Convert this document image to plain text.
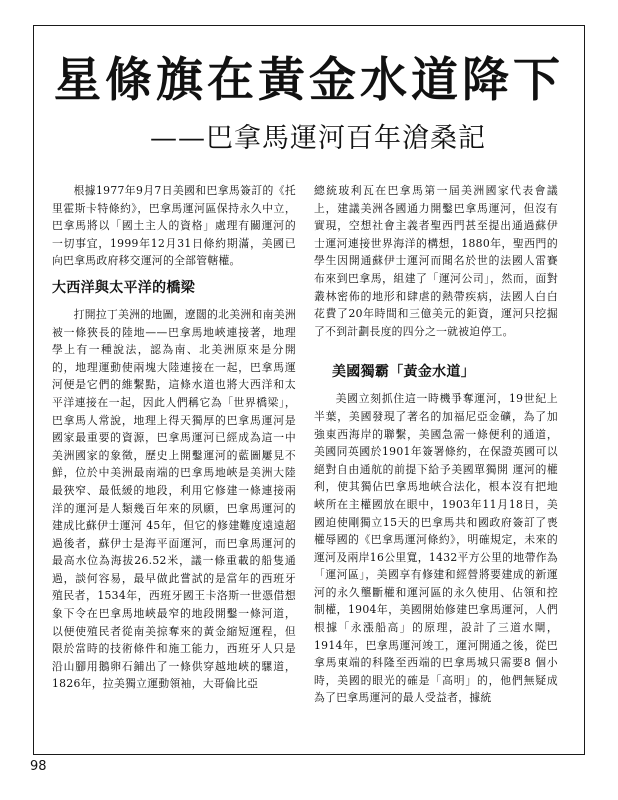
星條旗在黃金水道降下
——巴拿馬運河百年滄桑記

根據1977年9月7日美國和巴拿馬簽訂的《托里霍斯卡特條約》，巴拿馬運河區保持永久中立，巴拿馬將以「國土主人的資格」處理有關運河的一切事宜，1999年12月31日條約期滿，美國已向巴拿馬政府移交運河的全部管轄權。

大西洋與太平洋的橋梁

打開拉丁美洲的地圖，遼闊的北美洲和南美洲被一條狹長的陸地——巴拿馬地峽連接著，地理學上有一種說法，認為南、北美洲原來是分開的，地理運動使兩塊大陸連接在一起，巴拿馬運河便是它們的維繫點，這條水道也將大西洋和太平洋連接在一起，因此人們稱它為「世界橋梁」，巴拿馬人常說，地理上得天獨厚的巴拿馬運河是國家最重要的資源，巴拿馬運河已經成為這一中美洲國家的象徵，歷史上開鑿運河的藍圖屢見不鮮，位於中美洲最南端的巴拿馬地峽是美洲大陸最狹窄、最低緩的地段，利用它修建一條連接兩洋的運河是人類幾百年來的夙願，巴拿馬運河的建成比蘇伊士運河 45年，但它的修建難度遠遠超過後者，蘇伊士是海平面運河，而巴拿馬運河的最高水位為海拔26.52米，議一條重載的船隻通過，談何容易，最早做此嘗試的是當年的西班牙殖民者，1534年，西班牙國王卡洛斯一世憑借想象下令在巴拿馬地峽最窄的地段開鑿一條河道，以便使殖民者從南美掠奪來的黃金縮短運程，但限於當時的技術條件和施工能力，西班牙人只是沿山腳用鵝卵石鋪出了一條供穿越地峽的騾道，1826年，拉美獨立運動領袖，大哥倫比亞

總統玻利瓦在巴拿馬第一屆美洲國家代表會議上，建議美洲各國通力開鑿巴拿馬運河，但沒有實現，空想社會主義者聖西門甚至提出通過蘇伊士運河連接世界海洋的構想，1880年，聖西門的學生因開通蘇伊士運河而聞名於世的法國人雷賽布來到巴拿馬，組建了「運河公司」，然而，面對叢林密佈的地形和肆虐的熱帶疾病，法國人白白花費了20年時間和三億美元的鉅資，運河只挖掘了不到計劃長度的四分之一就被迫停工。

美國獨霸「黃金水道」

美國立刻抓住這一時機爭奪運河，19世紀上半葉，美國發現了著名的加福尼亞金礦，為了加強東西海岸的聯繫，美國急需一條便利的通道，美國同英國於1901年簽署條約，在保證英國可以絕對自由通航的前提下給予美國單獨開 運河的權利，使其獨佔巴拿馬地峽合法化，根本沒有把地峽所在主權國放在眼中，1903年11月18日，美國迫使剛獨立15天的巴拿馬共和國政府簽訂了喪權辱國的《巴拿馬運河條約》，明確規定，未來的運河及兩岸16公里寬，1432平方公里的地帶作為「運河區」，美國享有修建和經營將要建成的新運河的永久壟斷權和運河區的永久使用、佔領和控制權，1904年，美國開始修建巴拿馬運河，人們根據「永漲船高」的原理，設計了三道水閘，1914年，巴拿馬運河竣工，運河開通之後，從巴拿馬東端的科隆至西端的巴拿馬城只需要8 個小時，美國的眼光的確是「高明」的，他們無疑成為了巴拿馬運河的最人受益者，據統

98
